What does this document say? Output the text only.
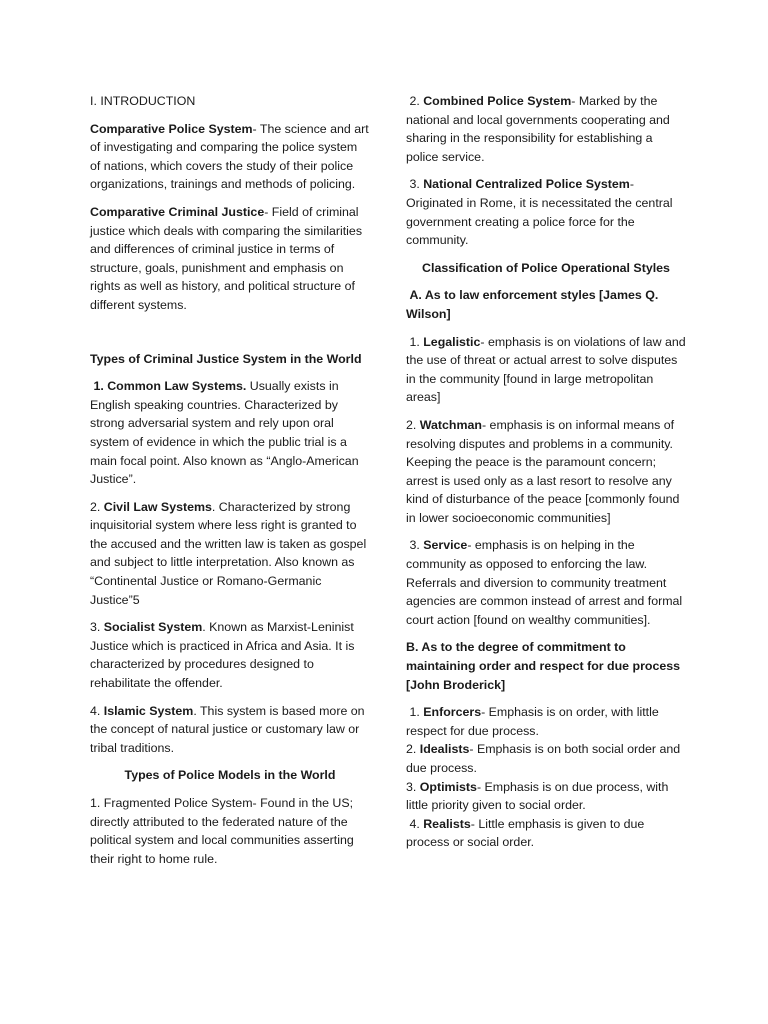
I. INTRODUCTION

Comparative Police System- The science and art of investigating and comparing the police system of nations, which covers the study of their police organizations, trainings and methods of policing.

Comparative Criminal Justice- Field of criminal justice which deals with comparing the similarities and differences of criminal justice in terms of structure, goals, punishment and emphasis on rights as well as history, and political structure of different systems.

Types of Criminal Justice System in the World

1. Common Law Systems. Usually exists in English speaking countries. Characterized by strong adversarial system and rely upon oral system of evidence in which the public trial is a main focal point. Also known as “Anglo-American Justice”.

2. Civil Law Systems. Characterized by strong inquisitorial system where less right is granted to the accused and the written law is taken as gospel and subject to little interpretation. Also known as “Continental Justice or Romano-Germanic Justice”5

3. Socialist System. Known as Marxist-Leninist Justice which is practiced in Africa and Asia. It is characterized by procedures designed to rehabilitate the offender.

4. Islamic System. This system is based more on the concept of natural justice or customary law or tribal traditions.

Types of Police Models in the World

1. Fragmented Police System- Found in the US; directly attributed to the federated nature of the political system and local communities asserting their right to home rule.

2. Combined Police System- Marked by the national and local governments cooperating and sharing in the responsibility for establishing a police service.

3. National Centralized Police System- Originated in Rome, it is necessitated the central government creating a police force for the community.

Classification of Police Operational Styles

A. As to law enforcement styles [James Q. Wilson]

1. Legalistic- emphasis is on violations of law and the use of threat or actual arrest to solve disputes in the community [found in large metropolitan areas]

2. Watchman- emphasis is on informal means of resolving disputes and problems in a community. Keeping the peace is the paramount concern; arrest is used only as a last resort to resolve any kind of disturbance of the peace [commonly found in lower socioeconomic communities]

3. Service- emphasis is on helping in the community as opposed to enforcing the law. Referrals and diversion to community treatment agencies are common instead of arrest and formal court action [found on wealthy communities].

B. As to the degree of commitment to maintaining order and respect for due process [John Broderick]

1. Enforcers- Emphasis is on order, with little respect for due process.

2. Idealists- Emphasis is on both social order and due process.

3. Optimists- Emphasis is on due process, with little priority given to social order.

4. Realists- Little emphasis is given to due process or social order.
